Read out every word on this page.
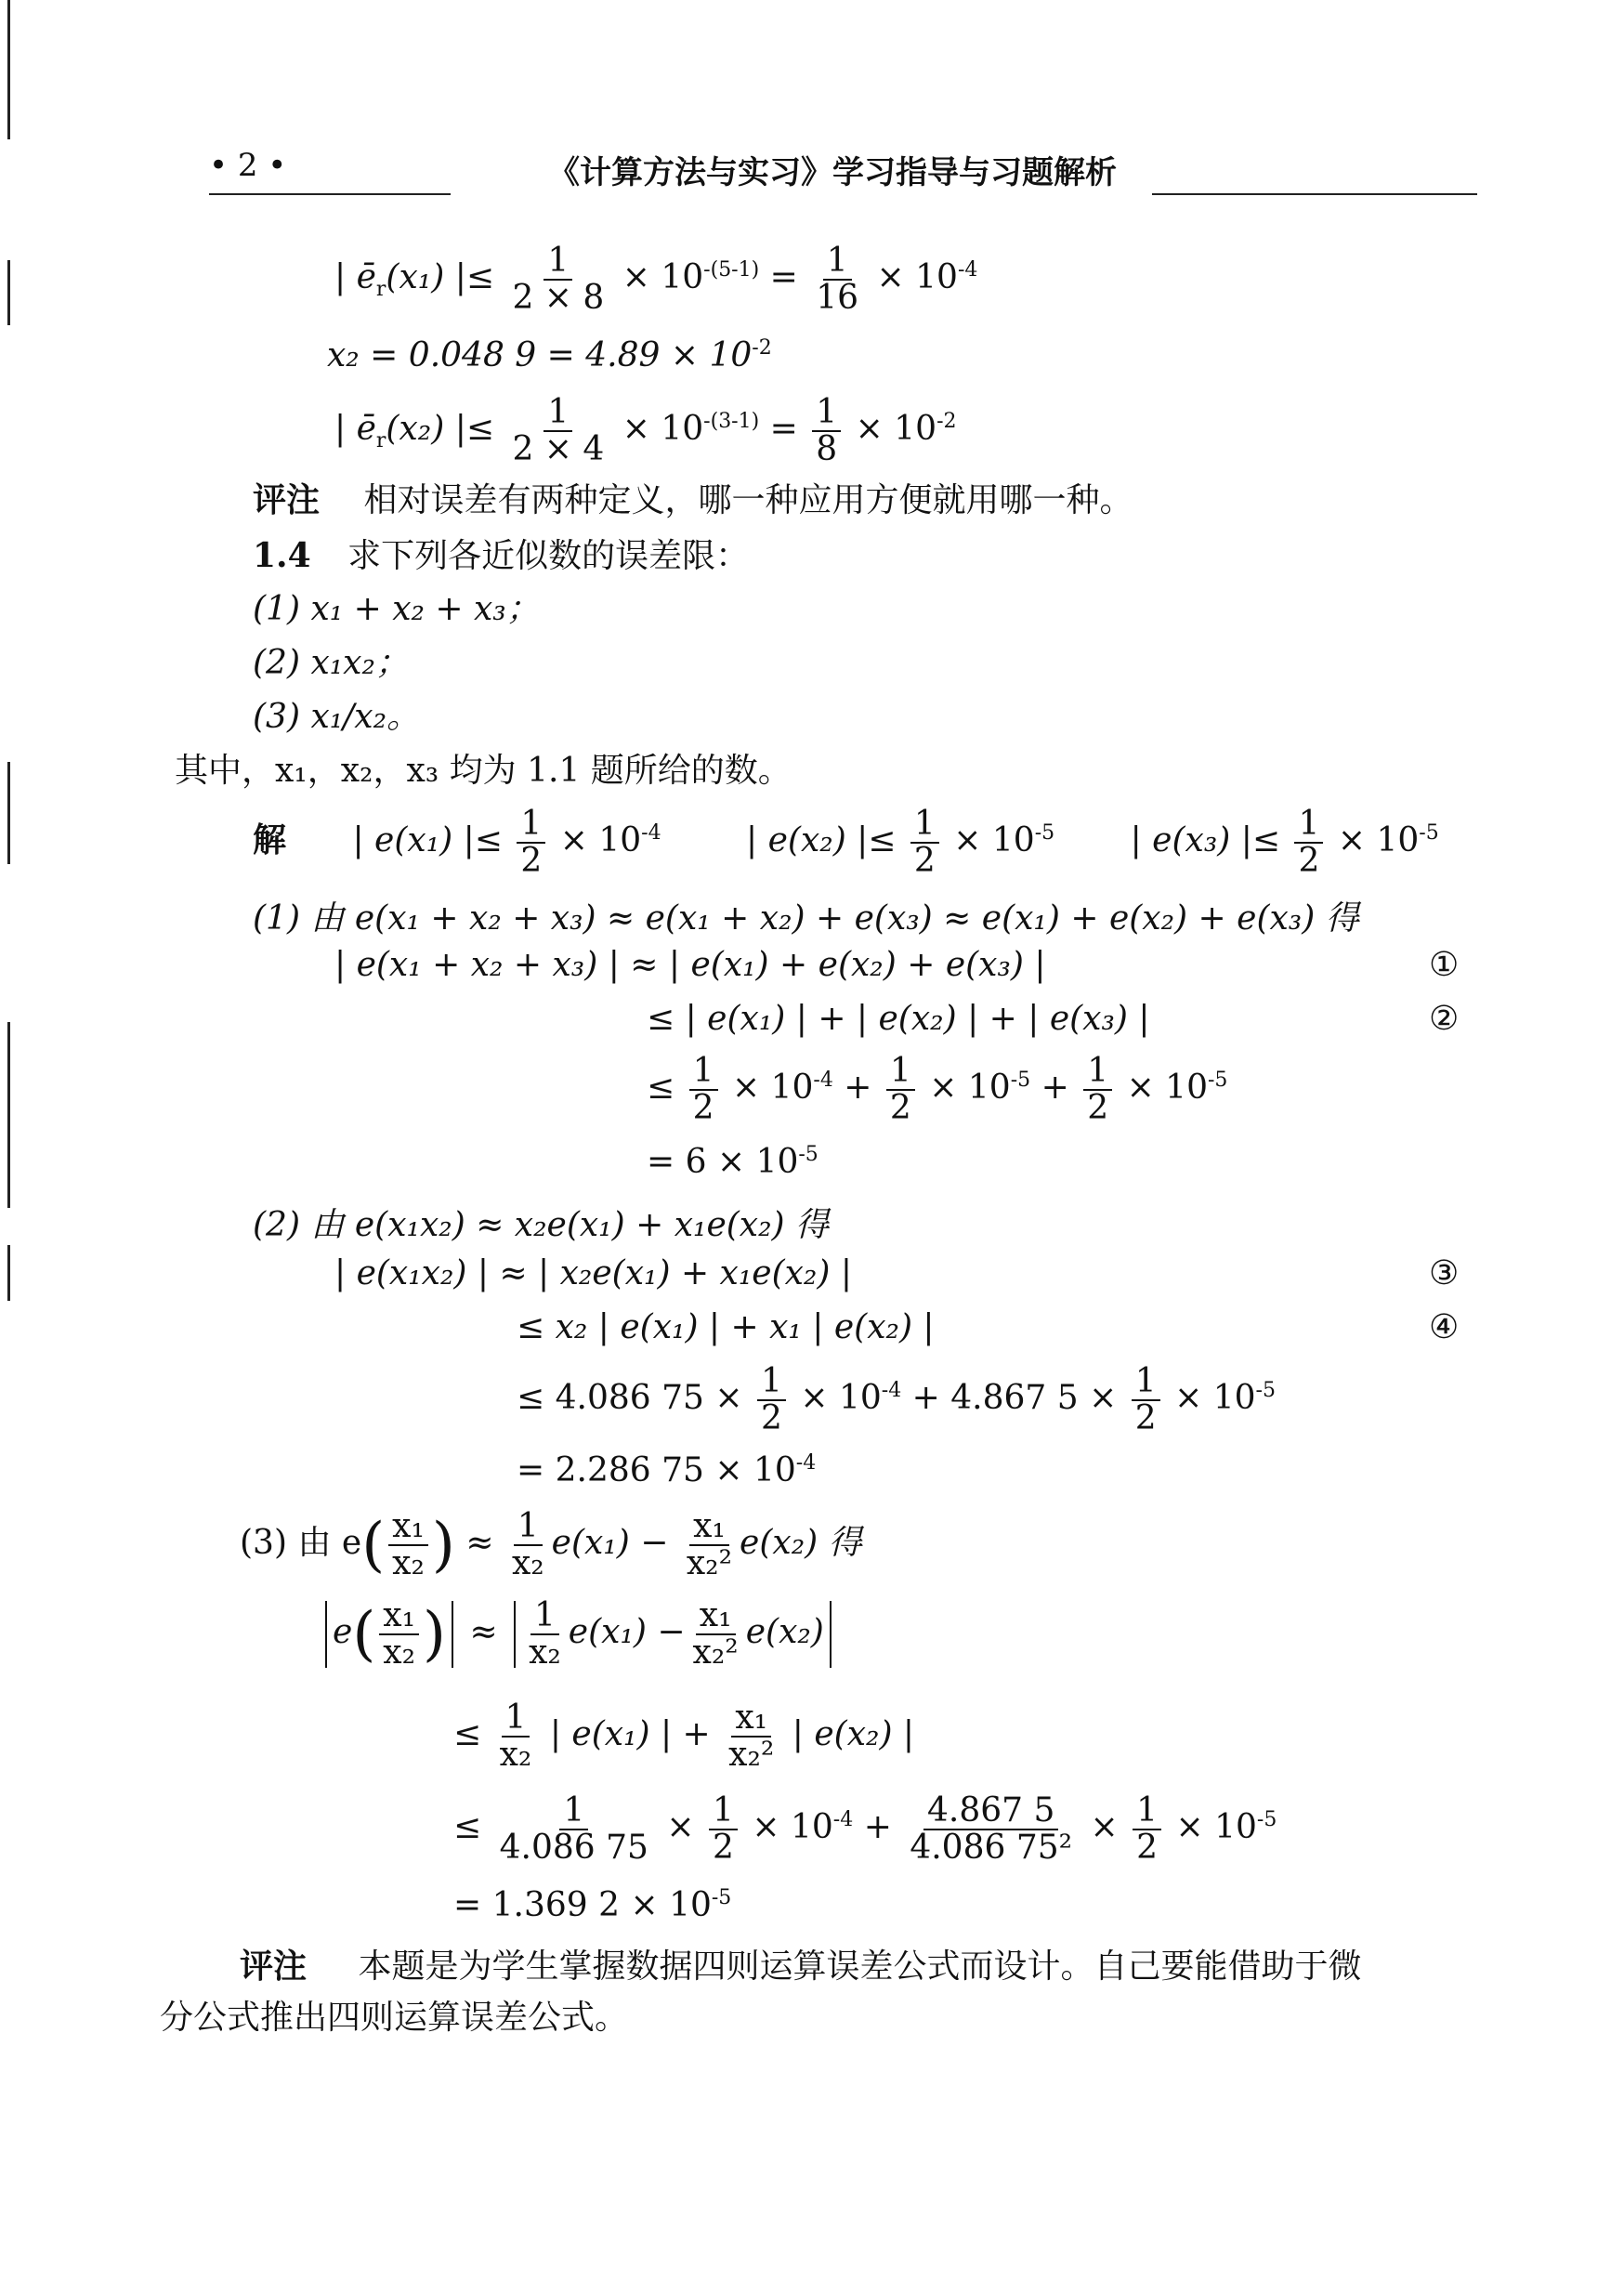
• 2 •	《计算方法与实习》学习指导与习题解析
| $ē_r(x_1)$ |≤ $\frac{1}{2 \times 8} \times 10^{-(5-1)} = \frac{1}{16} \times 10^{-4}$
x₂ = 0.048 $9 = 4.89 \times 10^{-2}$
| $ē_r(x_2)$ |≤ $\frac{1}{2 \times 4} \times 10^{-(3-1)} = \frac{1}{8} \times 10^{-2}$
评注 相对误差有两种定义，哪一种应用方便就用哪一种。
1.4 求下列各近似数的误差限：
(1) x₁ + x₂ + x₃；
(2) x₁x₂；
(3) x₁/x₂。
其中，x₁，x₂，x₃ 均为 1.1 题所给的数。
解 | e(x₁) |≤ $\frac{1}{2} \times 10^{-4}$	| e(x₂) |≤ $\frac{1}{2} \times 10^{-5}$ | e(x₃) |≤ $\frac{1}{2} \times 10^{-5}$
(1) 由 e(x₁ + x₂ + x₃) ≈ e(x₁ + x₂) + e(x₃) ≈ e(x₁) + e(x₂) + e(x₃) 得
| e(x₁ + x₂ + x₃) | ≈ | e(x₁) + e(x₂) + e(x₃) |	①
≤ | e(x₁) | + | e(x₂) | + | e(x₃) |	②
≤ $\frac{1}{2} \times 10^{-4} + \frac{1}{2} \times 10^{-5} + \frac{1}{2} \times 10^{-5}$
= $6 \times 10^{-5}$
(2) 由 e(x₁x₂) ≈ x₂e(x₁) + x₁e(x₂) 得
| e(x₁x₂) | ≈ | x₂e(x₁) + x₁e(x₂) |	③
≤ x₂ | e(x₁) | + x₁ | e(x₂) |	④
≤ 4.086 $75 \times \frac{1}{2} \times 10^{-4} + 4.867$ $5 \times \frac{1}{2} \times 10^{-5}$
= 2.286 $75 \times 10^{-4}$
(3) 由 $e( \frac{\text{x₁}}{\text{x₂}}$ ) ≈ $\frac{1}{\text{x₂}} e(x_1) - \frac{\text{x₁}}{\text{x₂²}} e(x_2)$ 得
$e( \frac{\text{x₁}}{\text{x₂}}$ ) ≈ $\frac{1}{\text{x₂}} e(x_1) - \frac{\text{x₁}}{\text{x₂²}} e(x_2)$
≤ $\frac{1}{\text{x₂}}$ | e(x₁) | + $\frac{\text{x₁}}{\text{x₂²}}$ | e(x₂) |
≤ $\frac{1}{4.086 75} \times \frac{1}{2} \times 10^{-4} + \frac{4.867 5}{\text{4.086 75²}} \times \frac{1}{2} \times 10^{-5}$
= 1.369 $2 \times 10^{-5}$
评注 本题是为学生掌握数据四则运算误差公式而设计。自己要能借助于微
分公式推出四则运算误差公式。
